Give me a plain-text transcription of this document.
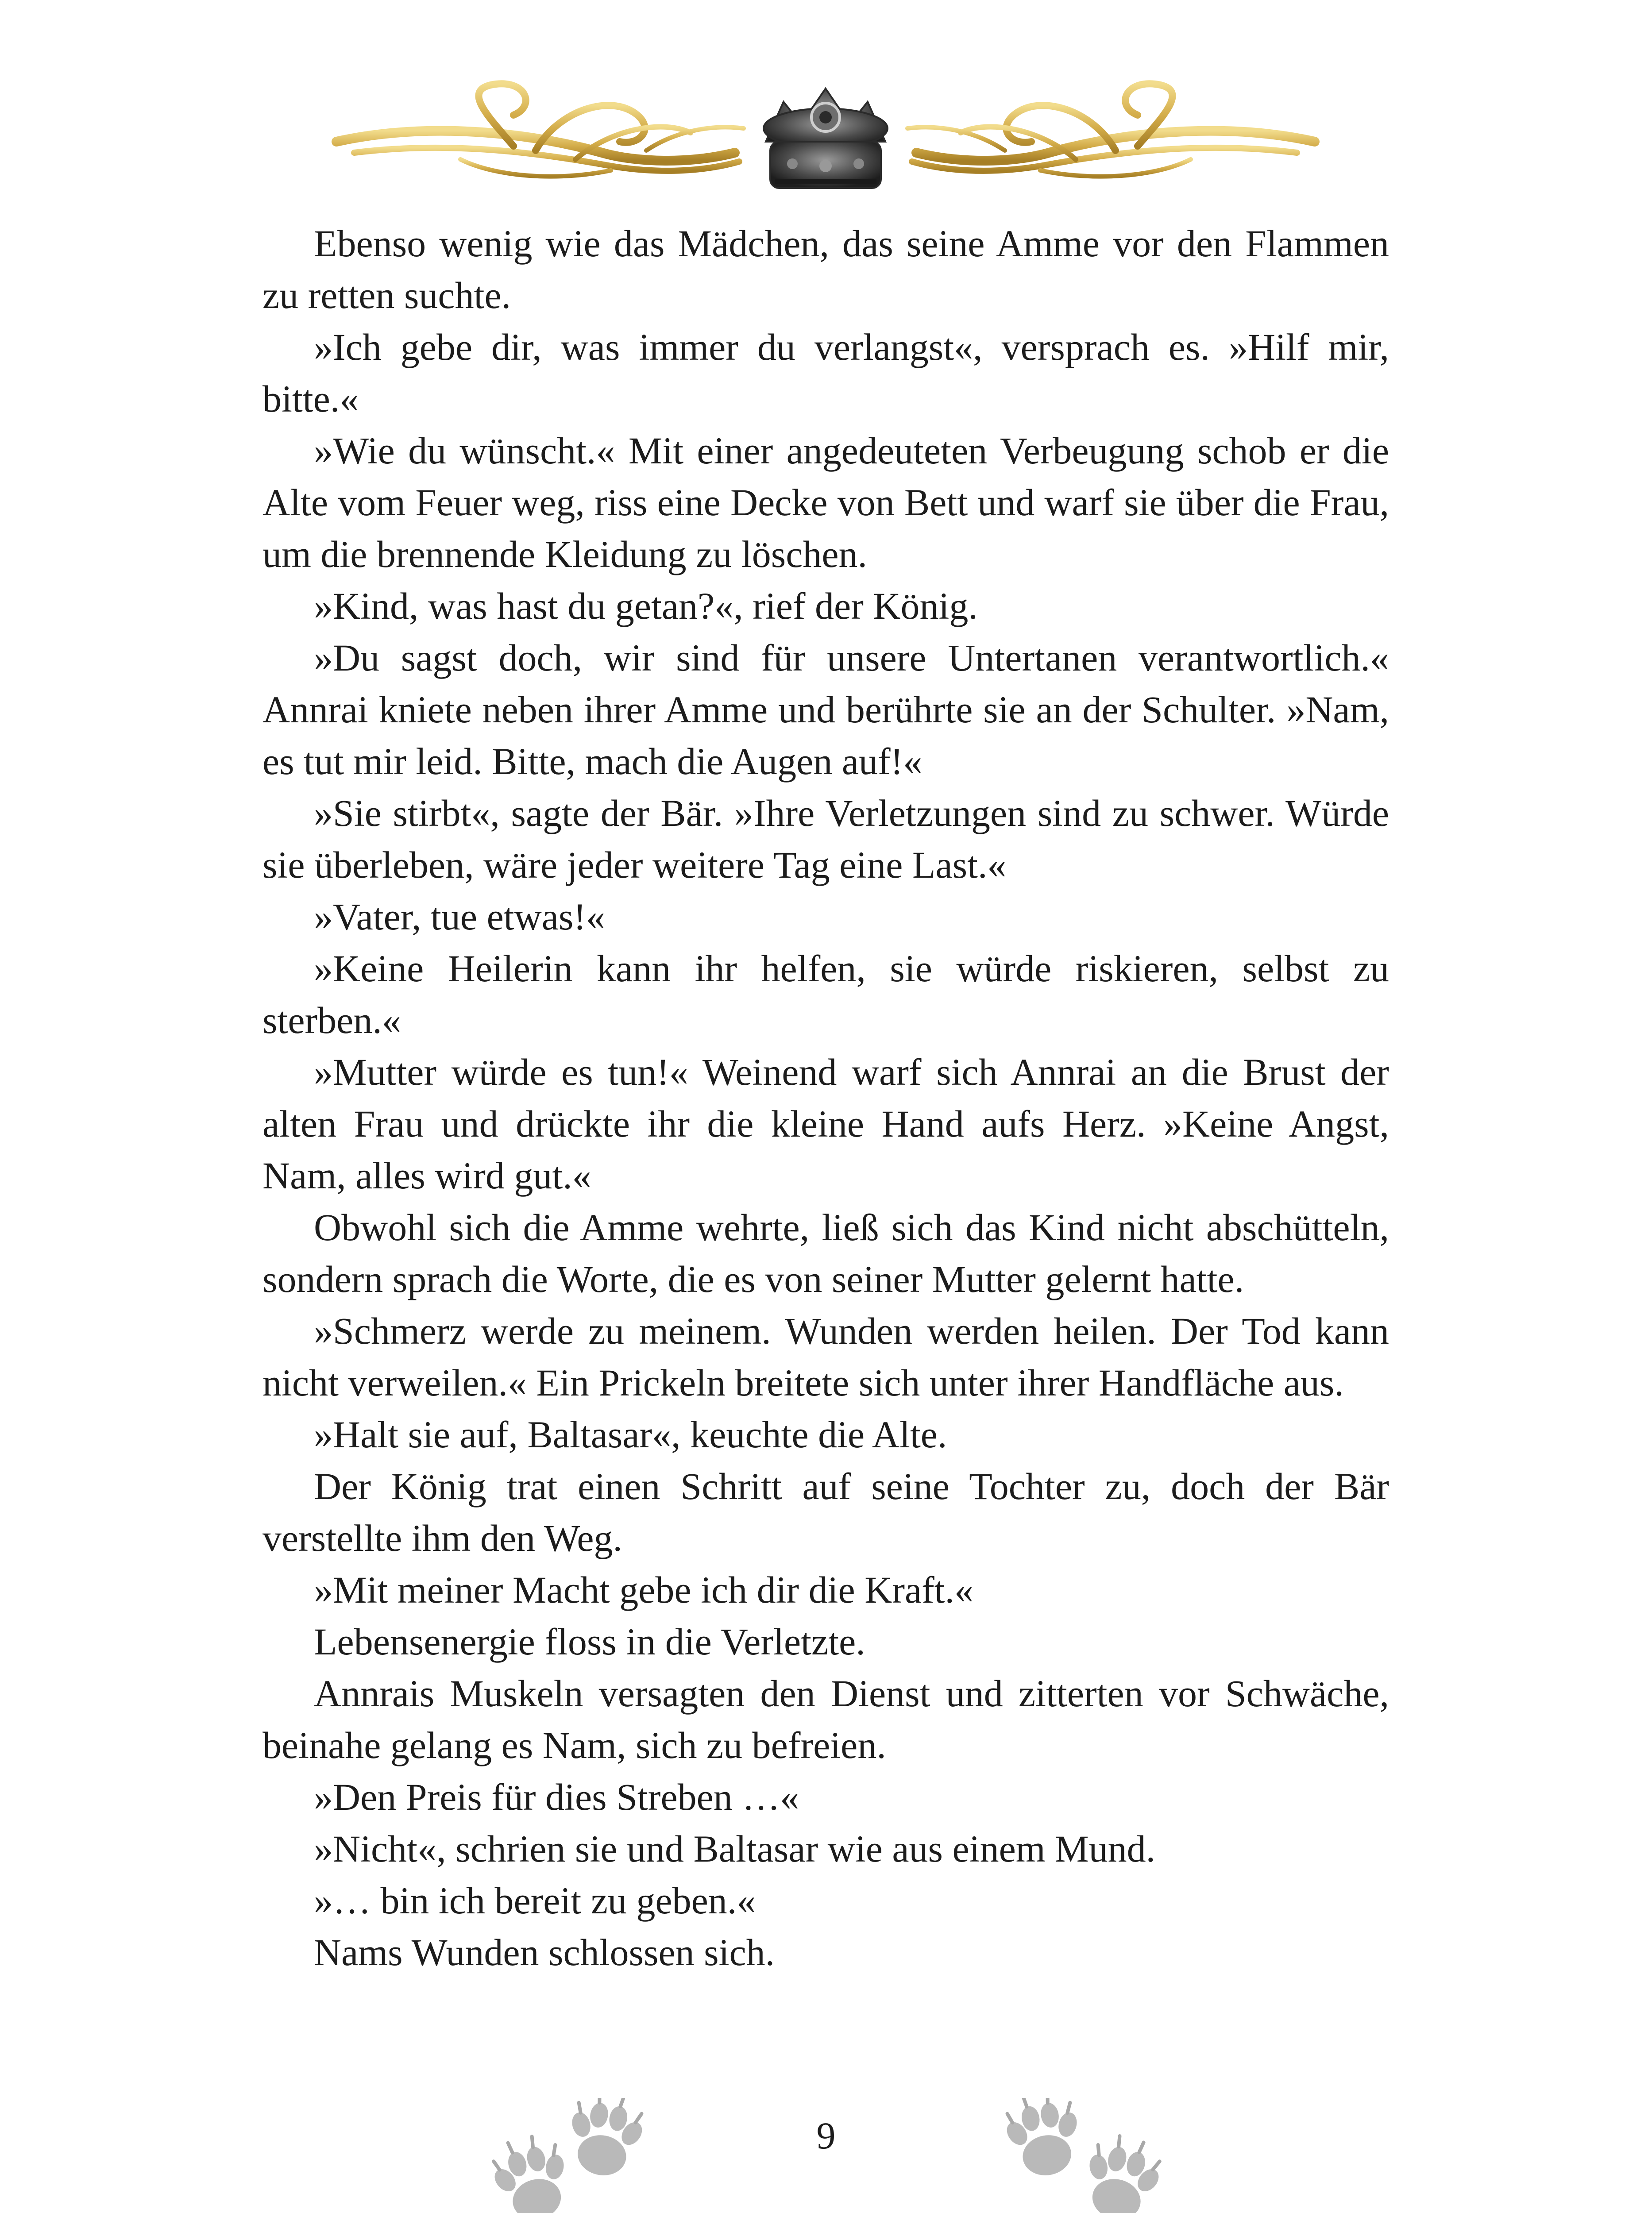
Ebenso wenig wie das Mädchen, das seine Amme vor den Flammen zu retten suchte.

»Ich gebe dir, was immer du verlangst«, versprach es. »Hilf mir, bitte.«

»Wie du wünscht.« Mit einer angedeuteten Verbeugung schob er die Alte vom Feuer weg, riss eine Decke von Bett und warf sie über die Frau, um die brennende Kleidung zu löschen.

»Kind, was hast du getan?«, rief der König.

»Du sagst doch, wir sind für unsere Untertanen verantwortlich.« Annrai kniete neben ihrer Amme und berührte sie an der Schulter. »Nam, es tut mir leid. Bitte, mach die Augen auf!«

»Sie stirbt«, sagte der Bär. »Ihre Verletzungen sind zu schwer. Würde sie überleben, wäre jeder weitere Tag eine Last.«

»Vater, tue etwas!«

»Keine Heilerin kann ihr helfen, sie würde riskieren, selbst zu sterben.«

»Mutter würde es tun!« Weinend warf sich Annrai an die Brust der alten Frau und drückte ihr die kleine Hand aufs Herz. »Keine Angst, Nam, alles wird gut.«

Obwohl sich die Amme wehrte, ließ sich das Kind nicht abschütteln, sondern sprach die Worte, die es von seiner Mutter gelernt hatte.

»Schmerz werde zu meinem. Wunden werden heilen. Der Tod kann nicht verweilen.« Ein Prickeln breitete sich unter ihrer Handfläche aus.

»Halt sie auf, Baltasar«, keuchte die Alte.

Der König trat einen Schritt auf seine Tochter zu, doch der Bär verstellte ihm den Weg.

»Mit meiner Macht gebe ich dir die Kraft.«

Lebensenergie floss in die Verletzte.

Annrais Muskeln versagten den Dienst und zitterten vor Schwäche, beinahe gelang es Nam, sich zu befreien.

»Den Preis für dies Streben …«

»Nicht«, schrien sie und Baltasar wie aus einem Mund.

»… bin ich bereit zu geben.«

Nams Wunden schlossen sich.

9
